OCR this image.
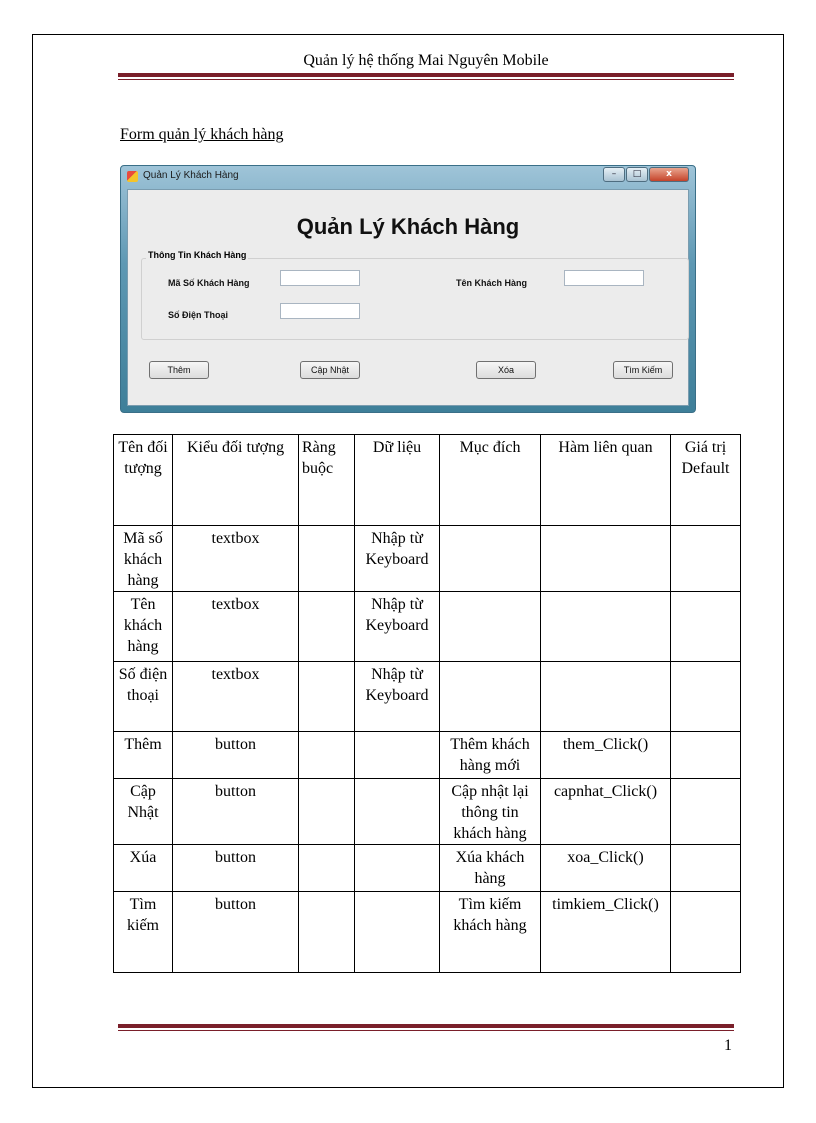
Quản lý hệ thống Mai Nguyên Mobile
Form quản lý khách hàng
Quản Lý Khách Hàng	–	□	x
Quản Lý Khách Hàng
Thông Tin Khách Hàng
Mã Số Khách Hàng	Tên Khách Hàng
Số Điện Thoại
Thêm	Cập Nhật	Xóa	Tìm Kiếm
Tên đối tượng	Kiểu đối tượng	Ràng buộc	Dữ liệu	Mục đích	Hàm liên quan	Giá trị Default
Mã số khách hàng	textbox		Nhập từ Keyboard			
Tên khách hàng	textbox		Nhập từ Keyboard			
Số điện thoại	textbox		Nhập từ Keyboard			
Thêm	button			Thêm khách hàng mới	them_Click()	
Cập Nhật	button			Cập nhật lại thông tin khách hàng	capnhat_Click()	
Xúa	button			Xúa khách hàng	xoa_Click()	
Tìm kiếm	button			Tìm kiếm khách hàng	timkiem_Click()	
1
